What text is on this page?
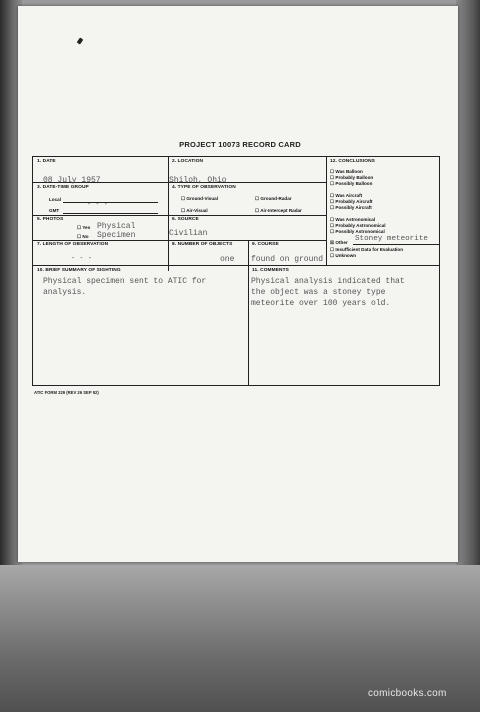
PROJECT 10073 RECORD CARD
1. DATE
08 July 1957
2. LOCATION
Shiloh, Ohio
3. DATE-TIME GROUP
Local
GMT
- - -
4. TYPE OF OBSERVATION
☐ Ground-Visual	☐ Ground-Radar
☐ Air-Visual	☐ Air-Intercept Radar
5. PHOTOS
☐ Yes
☐ No
Physical
Specimen
6. SOURCE
Civilian
7. LENGTH OF OBSERVATION
- - -
8. NUMBER OF OBJECTS
one
9. COURSE
found on ground
10. BRIEF SUMMARY OF SIGHTING
Physical specimen sent to ATIC for
analysis.
11. COMMENTS
Physical analysis indicated that
the object was a stoney type
meteorite over 100 years old.
12. CONCLUSIONS
☐ Was Balloon
☐ Probably Balloon
☐ Possibly Balloon
☐ Was Aircraft
☐ Probably Aircraft
☐ Possibly Aircraft
☐ Was Astronomical
☐ Probably Astronomical
☐ Possibly Astronomical
☒ Other Stoney meteorite
☐ Insufficient Data for Evaluation
☐ Unknown
ATIC FORM 329 (REV 26 SEP 52)
comicbooks.com
